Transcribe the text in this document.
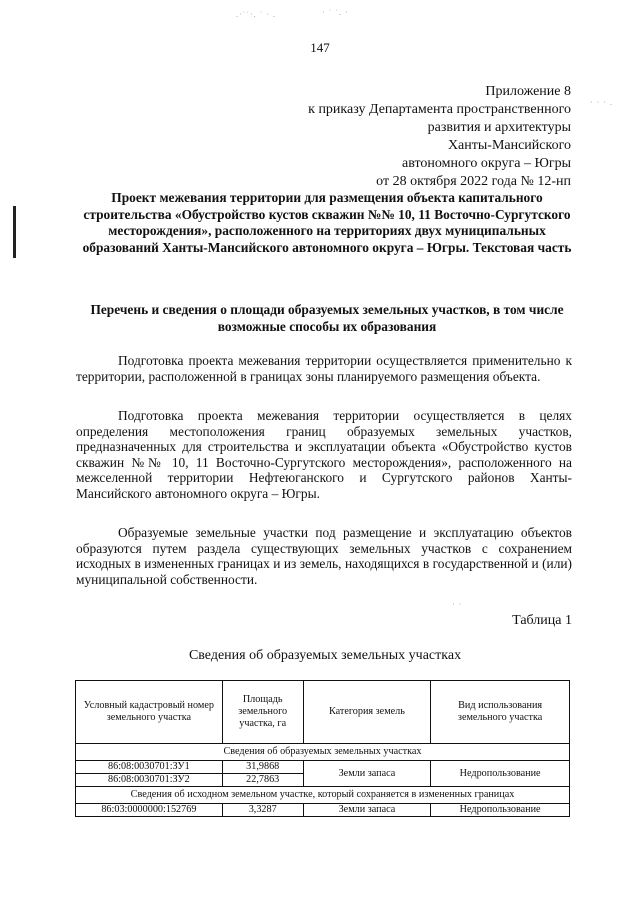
.·˙˙·. ˙ · .	· ˙ ˙. ·
· · · .
· ·
147
Приложение 8
к приказу Департамента пространственного
развития и архитектуры
Ханты-Мансийского
автономного округа – Югры
от 28 октября 2022 года № 12-нп
Проект межевания территории для размещения объекта капитального строительства «Обустройство кустов скважин №№ 10, 11 Восточно-Сургутского месторождения», расположенного на территориях двух муниципальных образований Ханты-Мансийского автономного округа – Югры. Текстовая часть
Перечень и сведения о площади образуемых земельных участков, в том числе возможные способы их образования
Подготовка проекта межевания территории осуществляется применительно к территории, расположенной в границах зоны планируемого размещения объекта.
Подготовка проекта межевания территории осуществляется в целях определения местоположения границ образуемых земельных участков, предназначенных для строительства и эксплуатации объекта «Обустройство кустов скважин №№ 10, 11 Восточно-Сургутского месторождения», расположенного на межселенной территории Нефтеюганского и Сургутского районов Ханты-Мансийского автономного округа – Югры.
Образуемые земельные участки под размещение и эксплуатацию объектов образуются путем раздела существующих земельных участков с сохранением исходных в измененных границах и из земель, находящихся в государственной и (или) муниципальной собственности.
Таблица 1
Сведения об образуемых земельных участках
Условный кадастровый номер земельного участка	Площадь земельного участка, га	Категория земель	Вид использования земельного участка
Сведения об образуемых земельных участках			
86:08:0030701:ЗУ1	31,9868	Земли запаса	Недропользование
86:08:0030701:ЗУ2	22,7863		
Сведения об исходном земельном участке, который сохраняется в измененных границах			
86:03:0000000:152769	3,3287	Земли запаса	Недропользование
